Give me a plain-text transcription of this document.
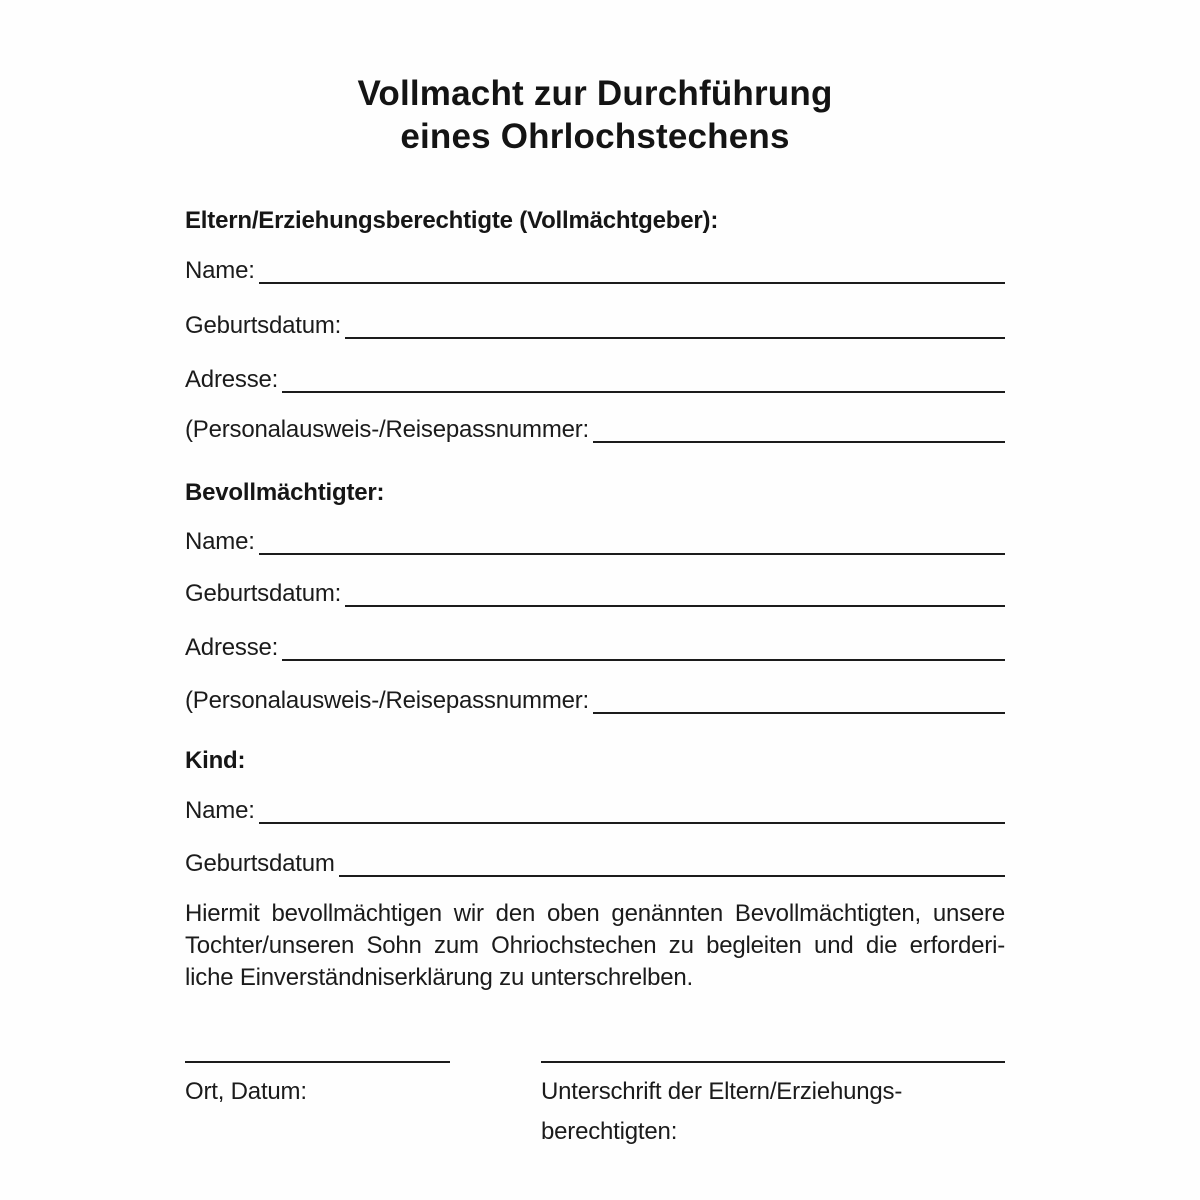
Vollmacht zur Durchführung
eines Ohrlochstechens
Eltern/Erziehungsberechtigte (Vollmächtgeber):
Name:
Geburtsdatum:
Adresse:
(Personalausweis-/Reisepassnummer:
Bevollmächtigter:
Name:
Geburtsdatum:
Adresse:
(Personalausweis-/Reisepassnummer:
Kind:
Name:
Geburtsdatum
Hiermit bevollmächtigen wir den oben genännten Bevollmächtigten, unsere
Tochter/unseren Sohn zum Ohriochstechen zu begleiten und die erforderi-
liche Einverständniserklärung zu unterschrelben.
Ort, Datum:	Unterschrift der Eltern/Erziehungs-
berechtigten:
